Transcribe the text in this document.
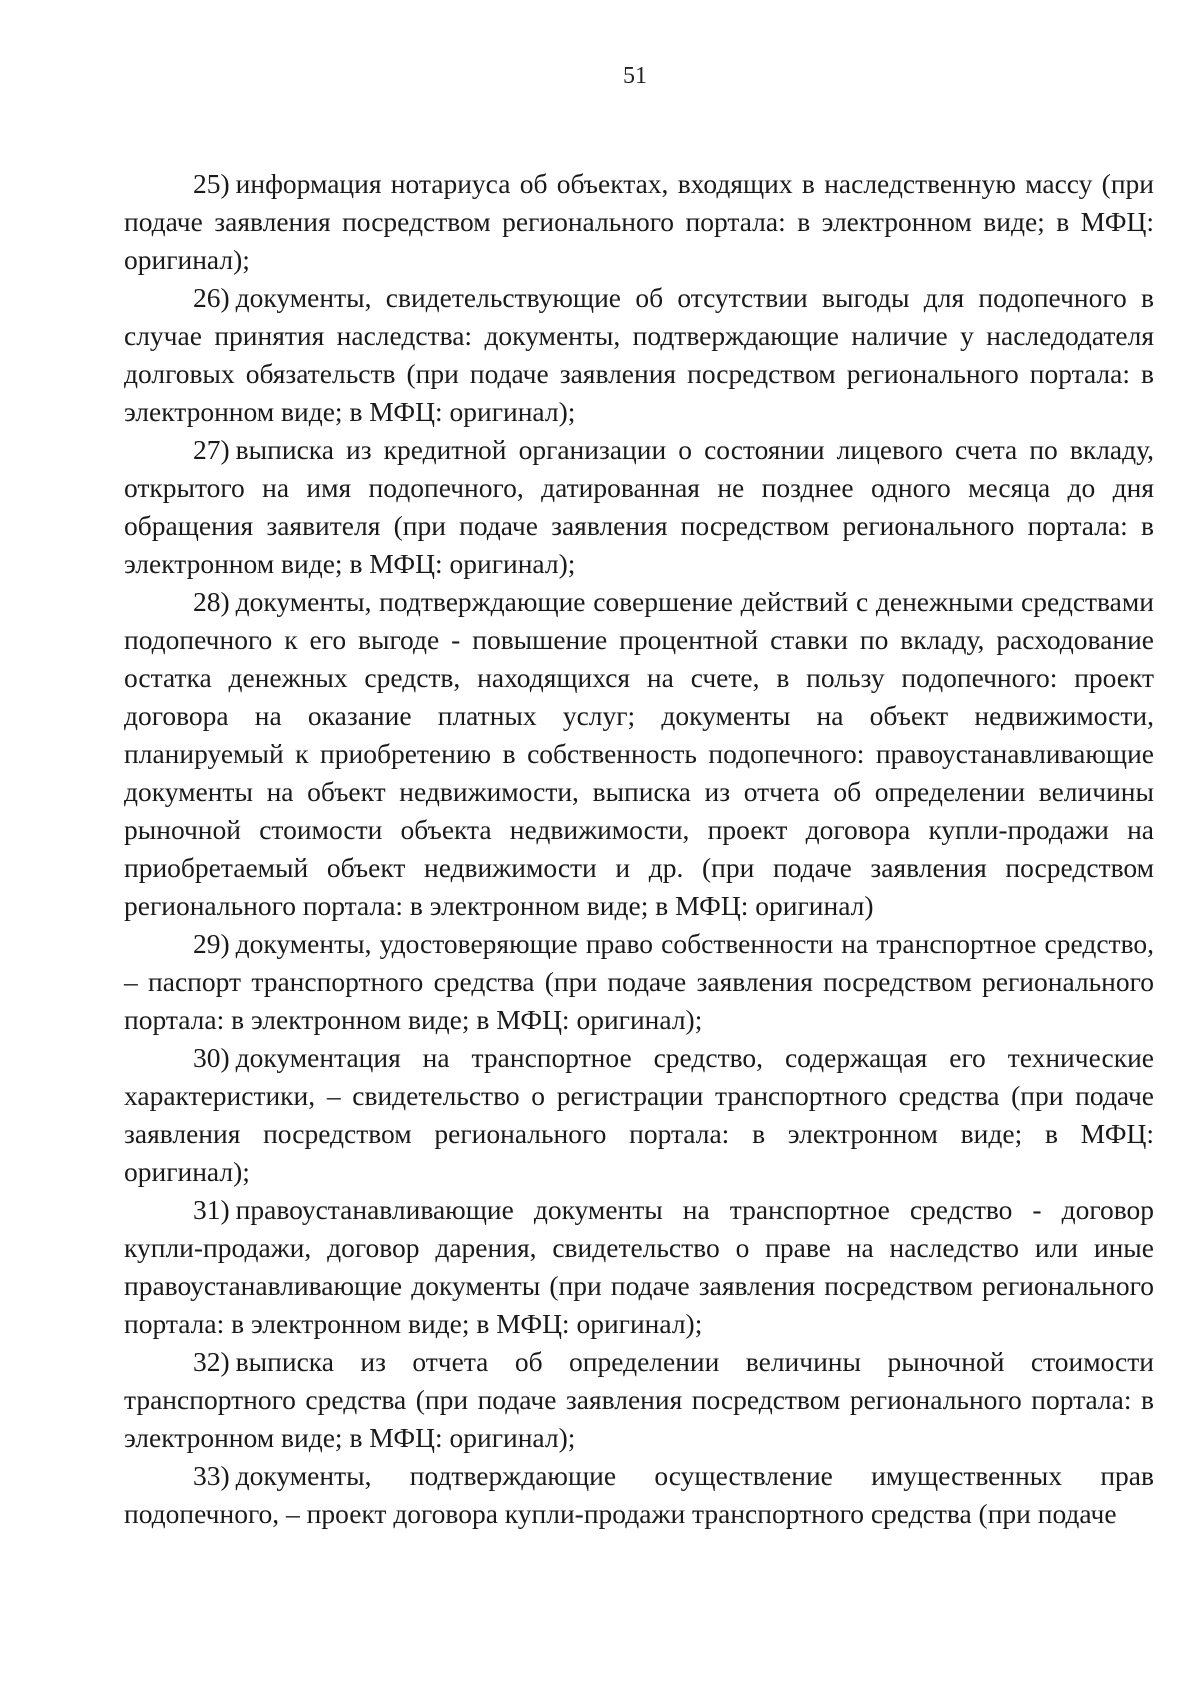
51

25) информация нотариуса об объектах, входящих в наследственную массу (при подаче заявления посредством регионального портала: в электронном виде; в МФЦ: оригинал);

26) документы, свидетельствующие об отсутствии выгоды для подопечного в случае принятия наследства: документы, подтверждающие наличие у наследодателя долговых обязательств (при подаче заявления посредством регионального портала: в электронном виде; в МФЦ: оригинал);

27) выписка из кредитной организации о состоянии лицевого счета по вкладу, открытого на имя подопечного, датированная не позднее одного месяца до дня обращения заявителя (при подаче заявления посредством регионального портала: в электронном виде; в МФЦ: оригинал);

28) документы, подтверждающие совершение действий с денежными средствами подопечного к его выгоде - повышение процентной ставки по вкладу, расходование остатка денежных средств, находящихся на счете, в пользу подопечного: проект договора на оказание платных услуг; документы на объект недвижимости, планируемый к приобретению в собственность подопечного: правоустанавливающие документы на объект недвижимости, выписка из отчета об определении величины рыночной стоимости объекта недвижимости, проект договора купли-продажи на приобретаемый объект недвижимости и др. (при подаче заявления посредством регионального портала: в электронном виде; в МФЦ: оригинал)

29) документы, удостоверяющие право собственности на транспортное средство, – паспорт транспортного средства (при подаче заявления посредством регионального портала: в электронном виде; в МФЦ: оригинал);

30) документация на транспортное средство, содержащая его технические характеристики, – свидетельство о регистрации транспортного средства (при подаче заявления посредством регионального портала: в электронном виде; в МФЦ: оригинал);

31) правоустанавливающие документы на транспортное средство - договор купли-продажи, договор дарения, свидетельство о праве на наследство или иные правоустанавливающие документы (при подаче заявления посредством регионального портала: в электронном виде; в МФЦ: оригинал);

32) выписка из отчета об определении величины рыночной стоимости транспортного средства (при подаче заявления посредством регионального портала: в электронном виде; в МФЦ: оригинал);

33) документы, подтверждающие осуществление имущественных прав подопечного, – проект договора купли-продажи транспортного средства (при подаче
